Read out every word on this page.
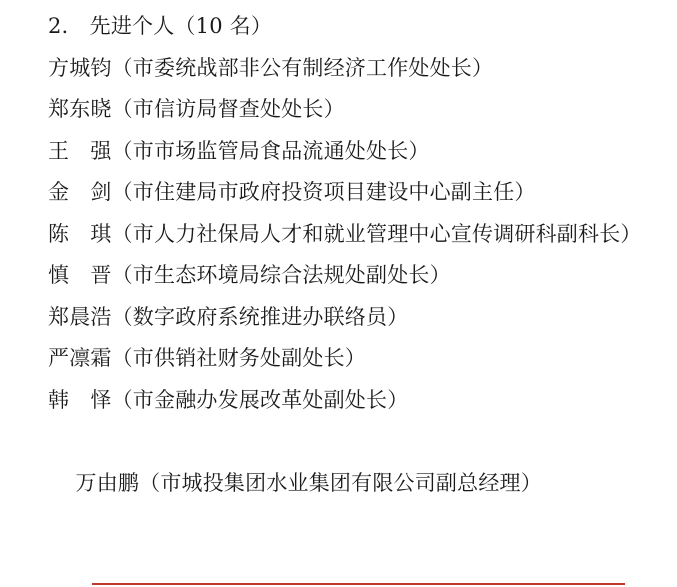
2.　先进个人（10 名）
方城钧（市委统战部非公有制经济工作处处长）
郑东晓（市信访局督查处处长）
王　强（市市场监管局食品流通处处长）
金　剑（市住建局市政府投资项目建设中心副主任）
陈　琪（市人力社保局人才和就业管理中心宣传调研科副科长）
慎　晋（市生态环境局综合法规处副处长）
郑晨浩（数字政府系统推进办联络员）
严凛霜（市供销社财务处副处长）
韩　怿（市金融办发展改革处副处长）

万由鹏（市城投集团水业集团有限公司副总经理）
